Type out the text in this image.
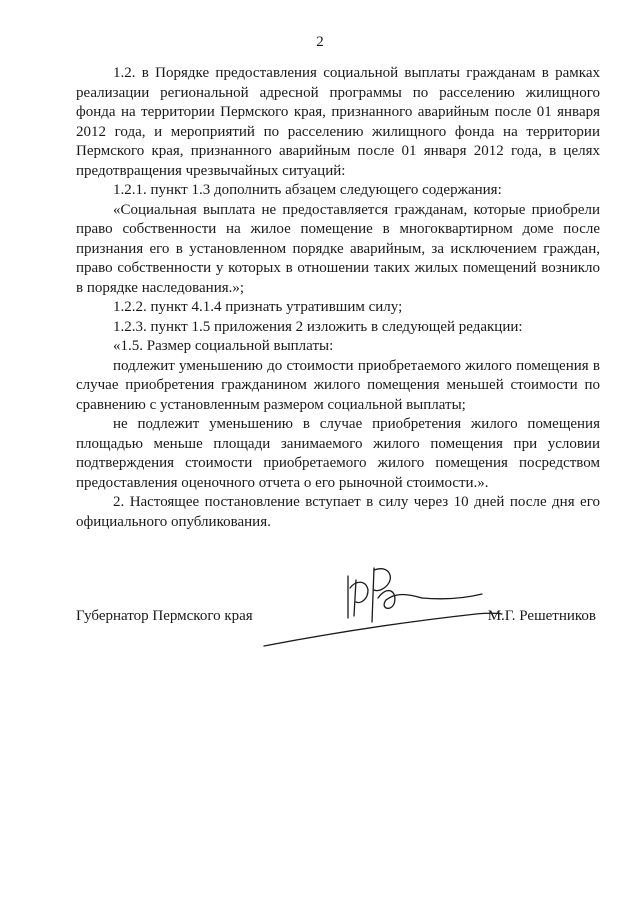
2

1.2. в Порядке предоставления социальной выплаты гражданам в рамках реализации региональной адресной программы по расселению жилищного фонда на территории Пермского края, признанного аварийным после 01 января 2012 года, и мероприятий по расселению жилищного фонда на территории Пермского края, признанного аварийным после 01 января 2012 года, в целях предотвращения чрезвычайных ситуаций:

1.2.1. пункт 1.3 дополнить абзацем следующего содержания:

«Социальная выплата не предоставляется гражданам, которые приобрели право собственности на жилое помещение в многоквартирном доме после признания его в установленном порядке аварийным, за исключением граждан, право собственности у которых в отношении таких жилых помещений возникло в порядке наследования.»;

1.2.2. пункт 4.1.4 признать утратившим силу;

1.2.3. пункт 1.5 приложения 2 изложить в следующей редакции:

«1.5. Размер социальной выплаты:

подлежит уменьшению до стоимости приобретаемого жилого помещения в случае приобретения гражданином жилого помещения меньшей стоимости по сравнению с установленным размером социальной выплаты;

не подлежит уменьшению в случае приобретения жилого помещения площадью меньше площади занимаемого жилого помещения при условии подтверждения стоимости приобретаемого жилого помещения посредством предоставления оценочного отчета о его рыночной стоимости.».

2. Настоящее постановление вступает в силу через 10 дней после дня его официального опубликования.

Губернатор Пермского края	М.Г. Решетников
